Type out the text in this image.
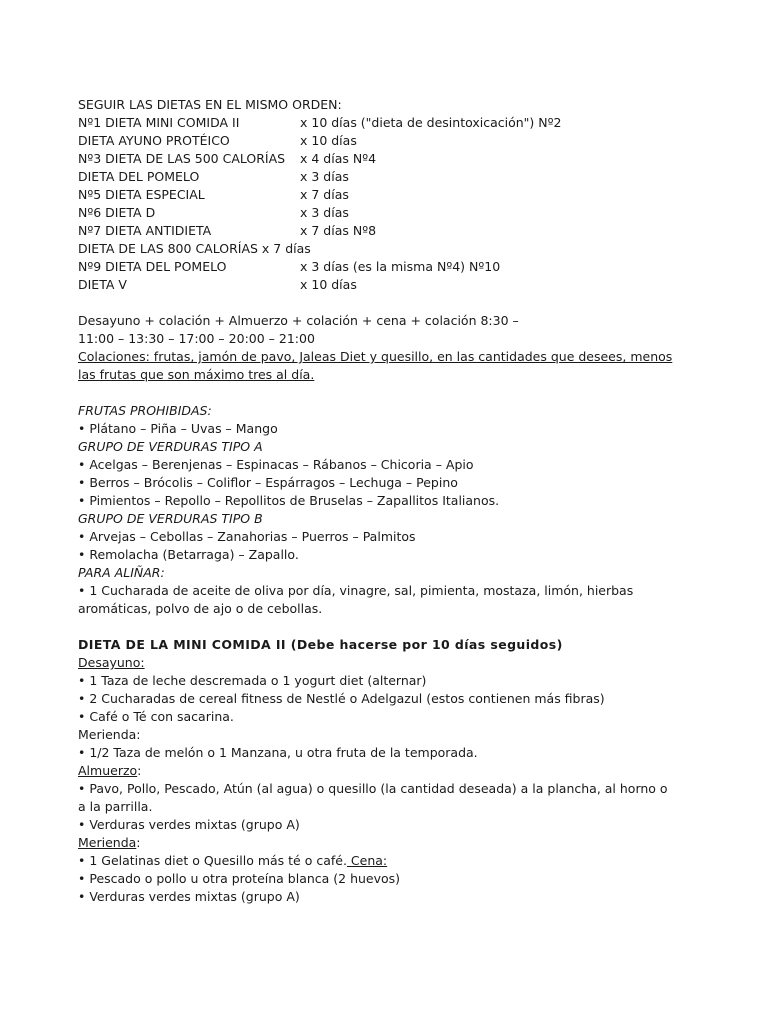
SEGUIR LAS DIETAS EN EL MISMO ORDEN:
Nº1 DIETA MINI COMIDA II	x 10 días ("dieta de desintoxicación") Nº2
DIETA AYUNO PROTÉICO	x 10 días
Nº3 DIETA DE LAS 500 CALORÍAS	x 4 días Nº4
DIETA DEL POMELO	x 3 días
Nº5 DIETA ESPECIAL	x 7 días
Nº6 DIETA D	x 3 días
Nº7 DIETA ANTIDIETA	x 7 días Nº8
DIETA DE LAS 800 CALORÍAS x 7 días
Nº9 DIETA DEL POMELO	x 3 días (es la misma Nº4) Nº10
DIETA V	x 10 días
Desayuno + colación + Almuerzo + colación + cena + colación 8:30 –
11:00 – 13:30 – 17:00 – 20:00 – 21:00
Colaciones: frutas, jamón de pavo, Jaleas Diet y quesillo, en las cantidades que desees, menos
las frutas que son máximo tres al día.
FRUTAS PROHIBIDAS:
• Plátano – Piña – Uvas – Mango
GRUPO DE VERDURAS TIPO A
• Acelgas – Berenjenas – Espinacas – Rábanos – Chicoria – Apio
• Berros – Brócolis – Coliflor – Espárragos – Lechuga – Pepino
• Pimientos – Repollo – Repollitos de Bruselas – Zapallitos Italianos.
GRUPO DE VERDURAS TIPO B
• Arvejas – Cebollas – Zanahorias – Puerros – Palmitos
• Remolacha (Betarraga) – Zapallo.
PARA ALIÑAR:
• 1 Cucharada de aceite de oliva por día, vinagre, sal, pimienta, mostaza, limón, hierbas
aromáticas, polvo de ajo o de cebollas.
DIETA DE LA MINI COMIDA II (Debe hacerse por 10 días seguidos)
Desayuno:
• 1 Taza de leche descremada o 1 yogurt diet (alternar)
• 2 Cucharadas de cereal fitness de Nestlé o Adelgazul (estos contienen más fibras)
• Café o Té con sacarina.
Merienda:
• 1/2 Taza de melón o 1 Manzana, u otra fruta de la temporada.
Almuerzo:
• Pavo, Pollo, Pescado, Atún (al agua) o quesillo (la cantidad deseada) a la plancha, al horno o
a la parrilla.
• Verduras verdes mixtas (grupo A)
Merienda:
• 1 Gelatinas diet o Quesillo más té o café. Cena:
• Pescado o pollo u otra proteína blanca (2 huevos)
• Verduras verdes mixtas (grupo A)
